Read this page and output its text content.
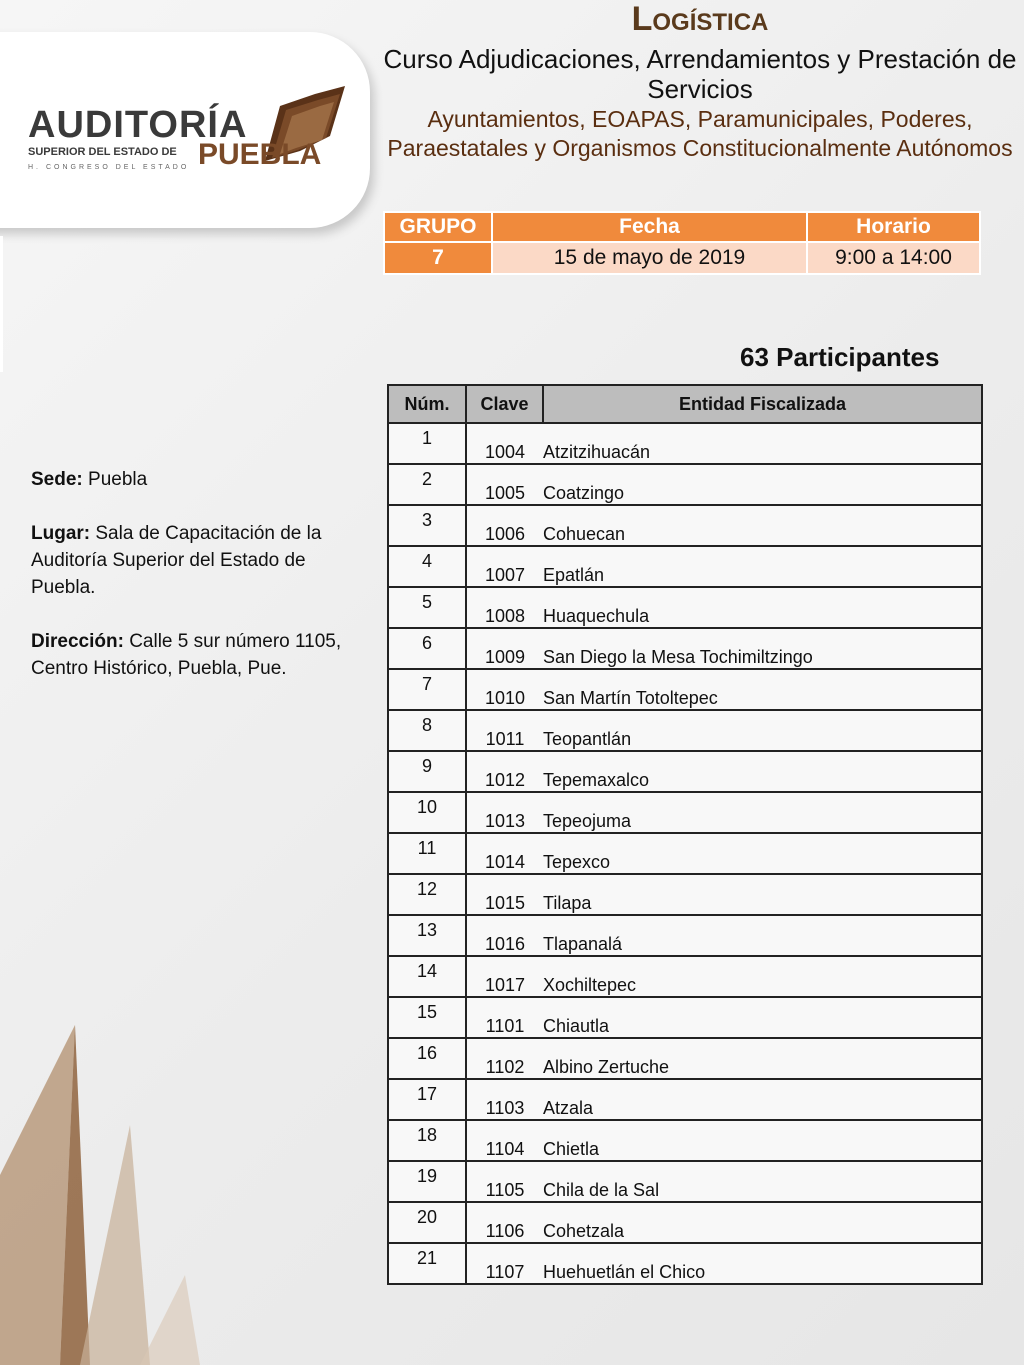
AUDITORÍA
SUPERIOR DEL ESTADO DE PUEBLA
H. CONGRESO DEL ESTADO
Logística
Curso Adjudicaciones, Arrendamientos y Prestación de Servicios
Ayuntamientos, EOAPAS, Paramunicipales, Poderes, Paraestatales y Organismos Constitucionalmente Autónomos
GRUPO	Fecha	Horario
7	15 de mayo de 2019	9:00 a 14:00
63 Participantes

Sede: Puebla

Lugar: Sala de Capacitación de la Auditoría Superior del Estado de Puebla.

Dirección: Calle 5 sur número 1105, Centro Histórico, Puebla, Pue.

Núm.	Clave	Entidad Fiscalizada
1	1004	Atzitzihuacán
2	1005	Coatzingo
3	1006	Cohuecan
4	1007	Epatlán
5	1008	Huaquechula
6	1009	San Diego la Mesa Tochimiltzingo
7	1010	San Martín Totoltepec
8	1011	Teopantlán
9	1012	Tepemaxalco
10	1013	Tepeojuma
11	1014	Tepexco
12	1015	Tilapa
13	1016	Tlapanalá
14	1017	Xochiltepec
15	1101	Chiautla
16	1102	Albino Zertuche
17	1103	Atzala
18	1104	Chietla
19	1105	Chila de la Sal
20	1106	Cohetzala
21	1107	Huehuetlán el Chico
